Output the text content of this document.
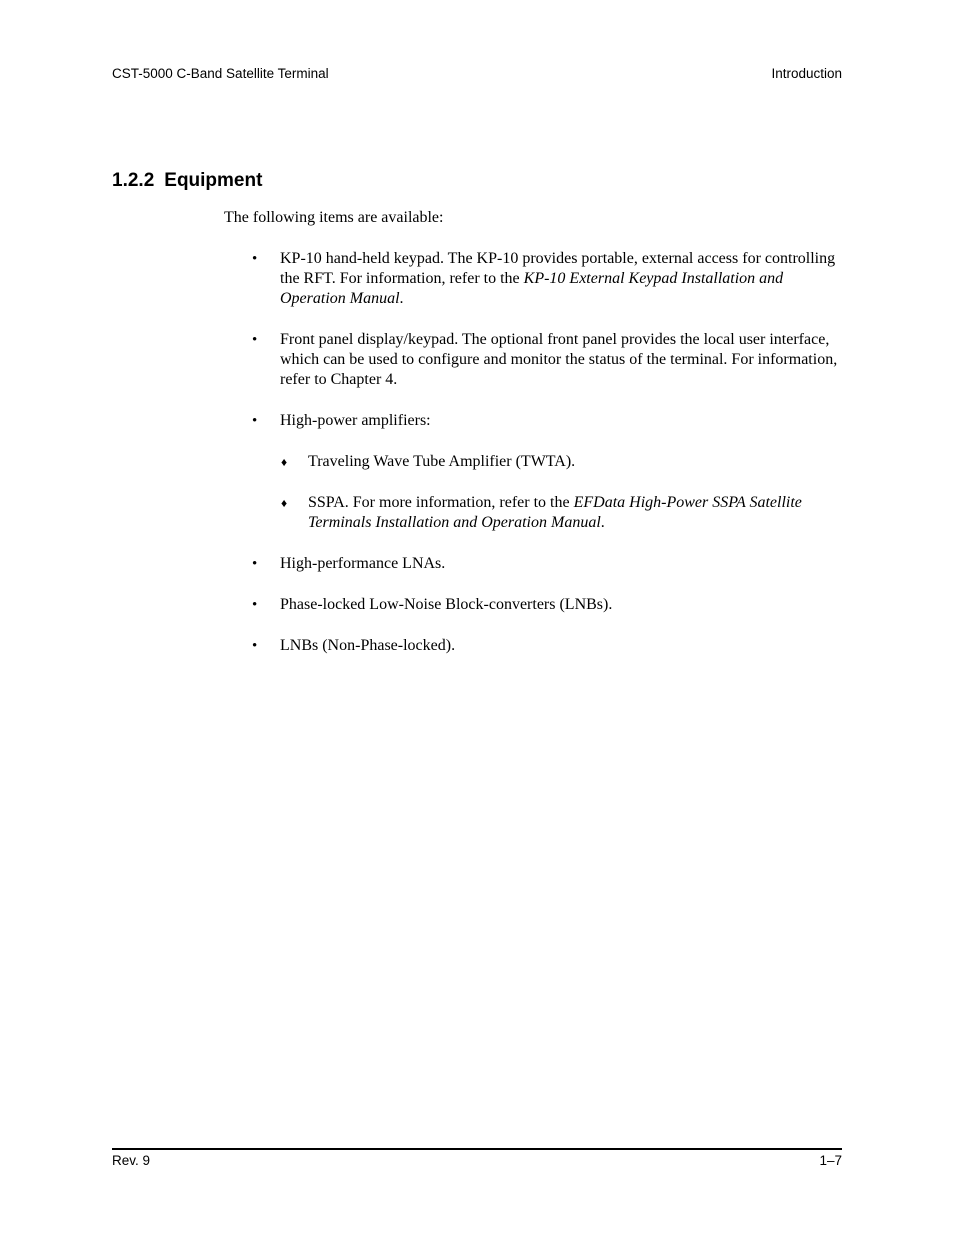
CST-5000 C-Band Satellite Terminal	Introduction
1.2.2 Equipment

The following items are available:

• KP-10 hand-held keypad. The KP-10 provides portable, external access for controlling the RFT. For information, refer to the KP-10 External Keypad Installation and Operation Manual.
• Front panel display/keypad. The optional front panel provides the local user interface, which can be used to configure and monitor the status of the terminal. For information, refer to Chapter 4.
• High-power amplifiers:
♦ Traveling Wave Tube Amplifier (TWTA).
♦ SSPA. For more information, refer to the EFData High-Power SSPA Satellite Terminals Installation and Operation Manual.
• High-performance LNAs.
• Phase-locked Low-Noise Block-converters (LNBs).
• LNBs (Non-Phase-locked).
Rev. 9	1–7
